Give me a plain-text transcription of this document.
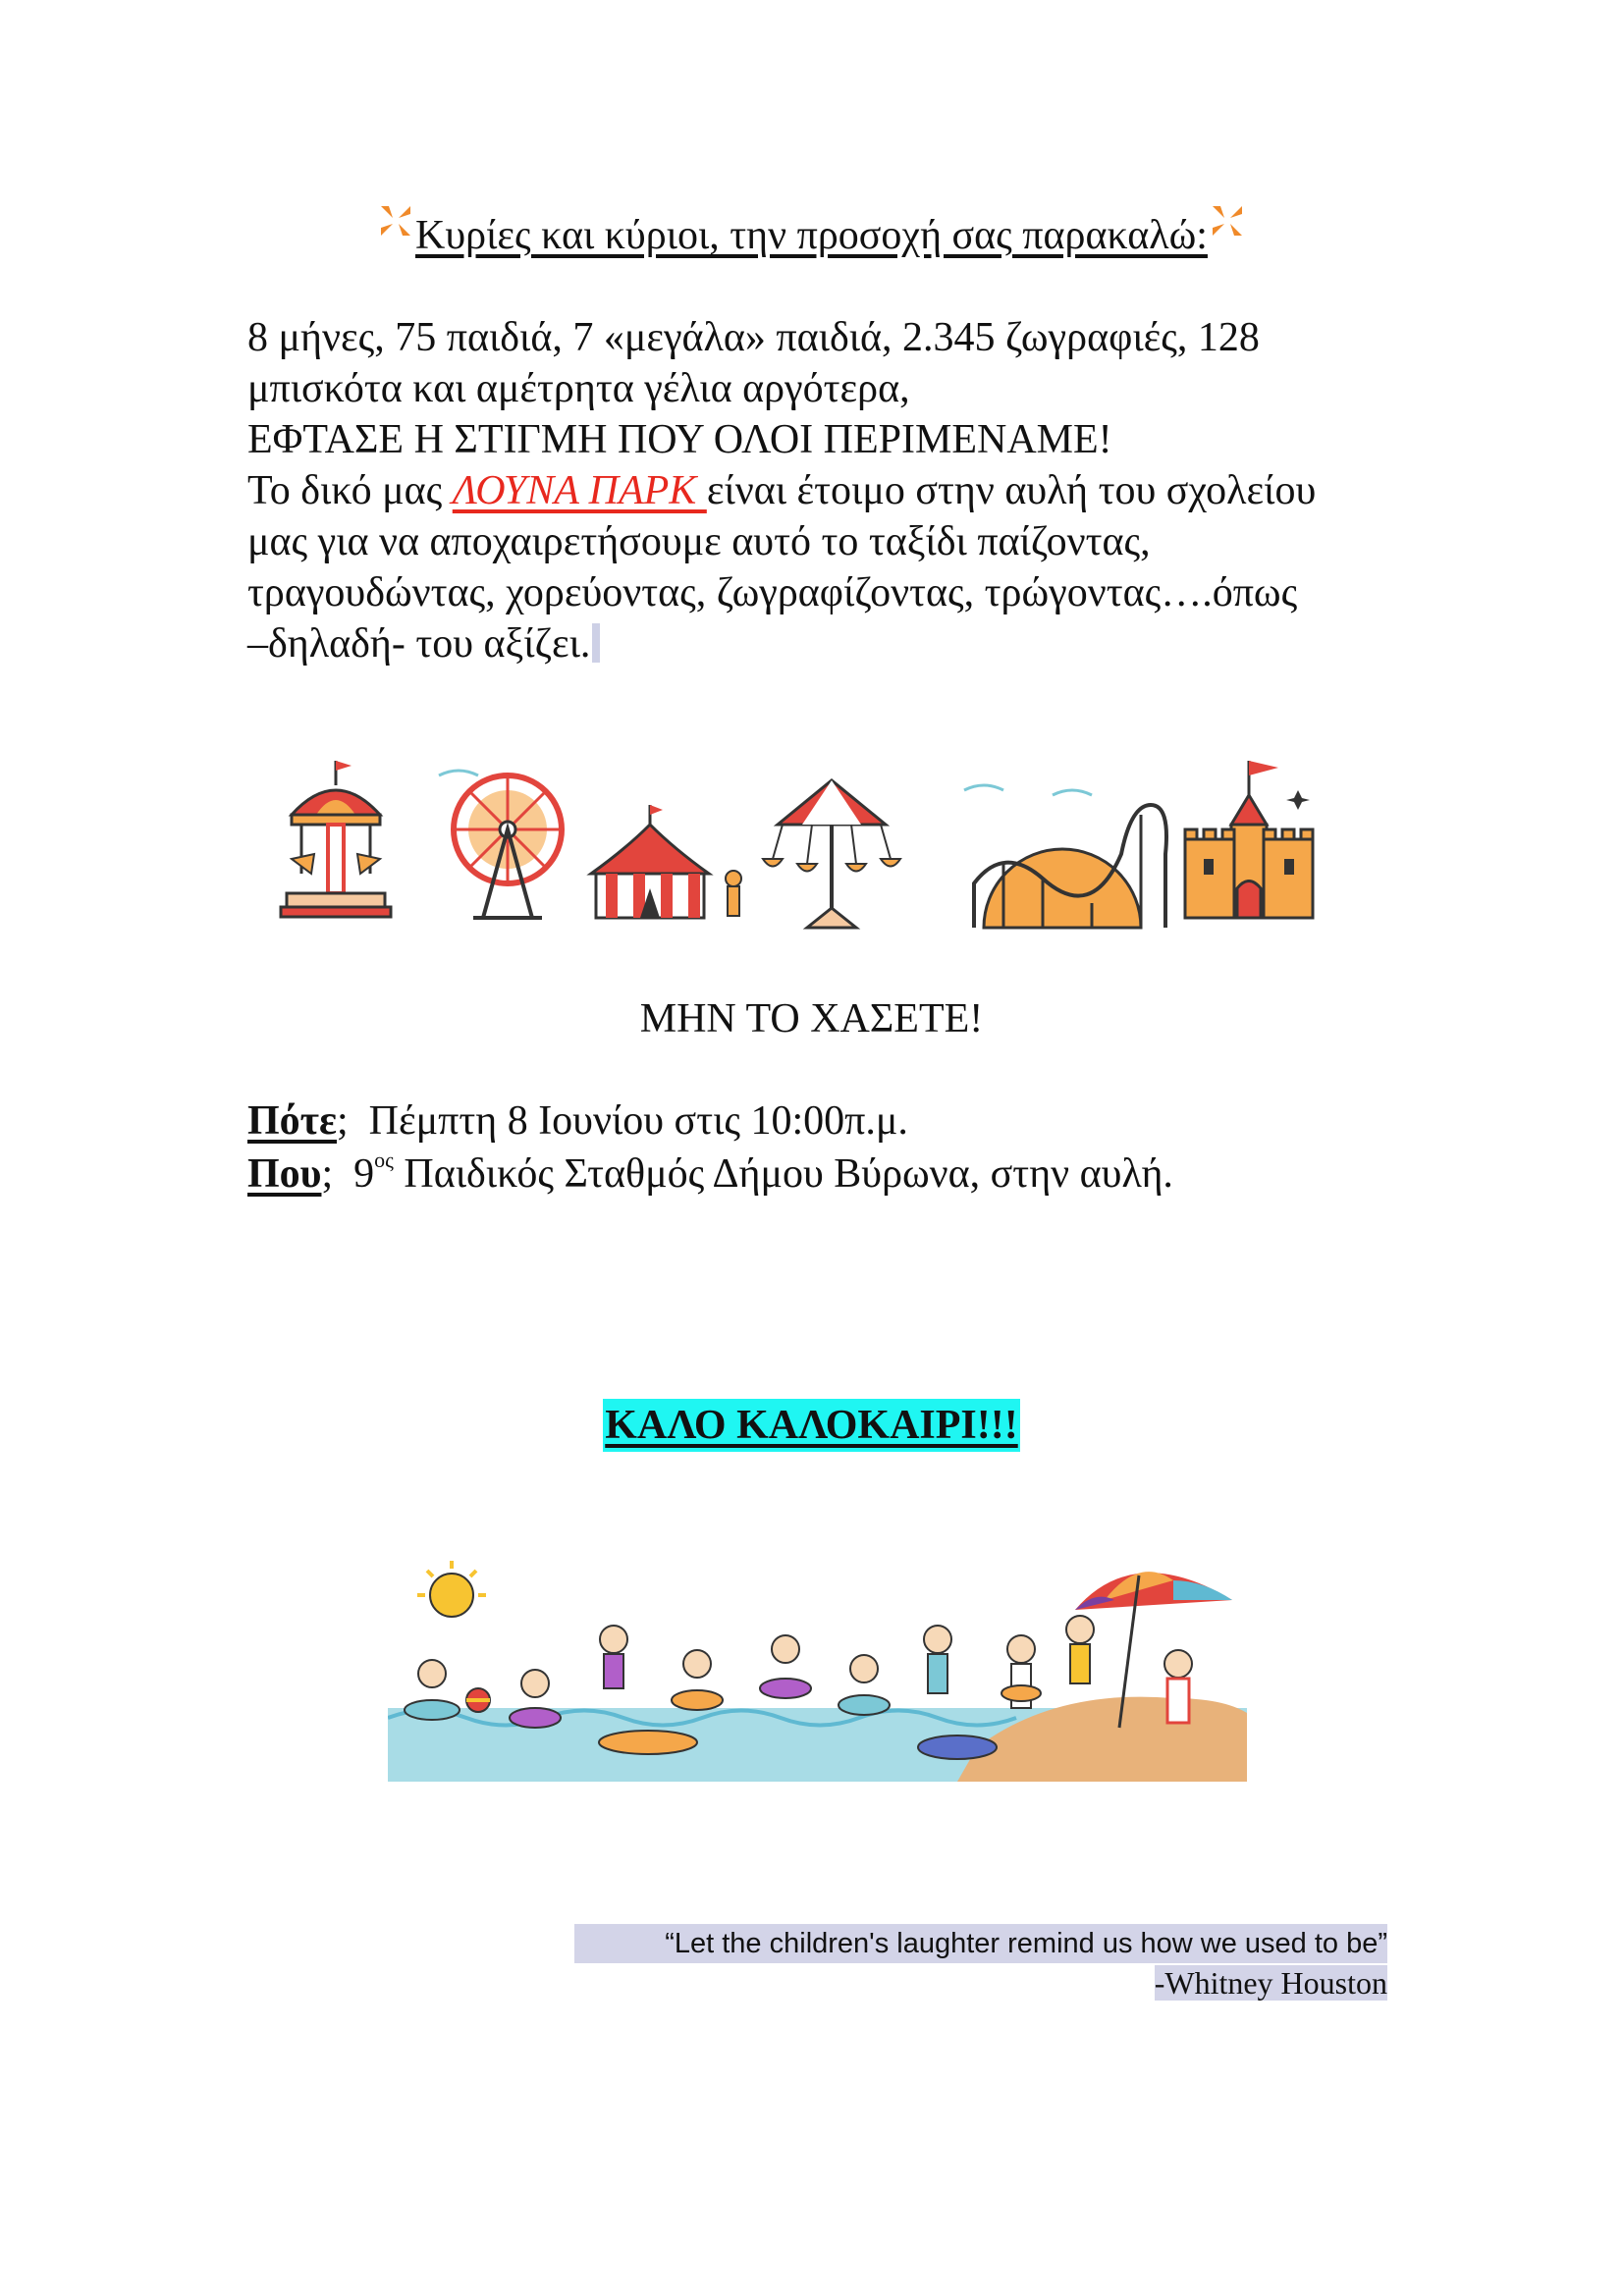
Κυρίες και κύριοι, την προσοχή σας παρακαλώ:
8 μήνες, 75 παιδιά, 7 «μεγάλα» παιδιά, 2.345 ζωγραφιές, 128
μπισκότα και αμέτρητα γέλια αργότερα,
ΕΦΤΑΣΕ Η ΣΤΙΓΜΗ ΠΟΥ ΟΛΟΙ ΠΕΡΙΜΕΝΑΜΕ!
Το δικό μας ΛΟΥΝΑ ΠΑΡΚ είναι έτοιμο στην αυλή του σχολείου
μας για να αποχαιρετήσουμε αυτό το ταξίδι παίζοντας,
τραγουδώντας, χορεύοντας, ζωγραφίζοντας, τρώγοντας….όπως
–δηλαδή- του αξίζει.
ΜΗΝ ΤΟ ΧΑΣΕΤΕ!
Πότε;  Πέμπτη 8 Ιουνίου στις 10:00π.μ.
Που;  $9^{o\varsigma}$ Παιδικός Σταθμός Δήμου Βύρωνα, στην αυλή.
ΚΑΛΟ ΚΑΛΟΚΑΙΡΙ!!!
“Let the children's laughter remind us how we used to be”
-Whitney Houston
